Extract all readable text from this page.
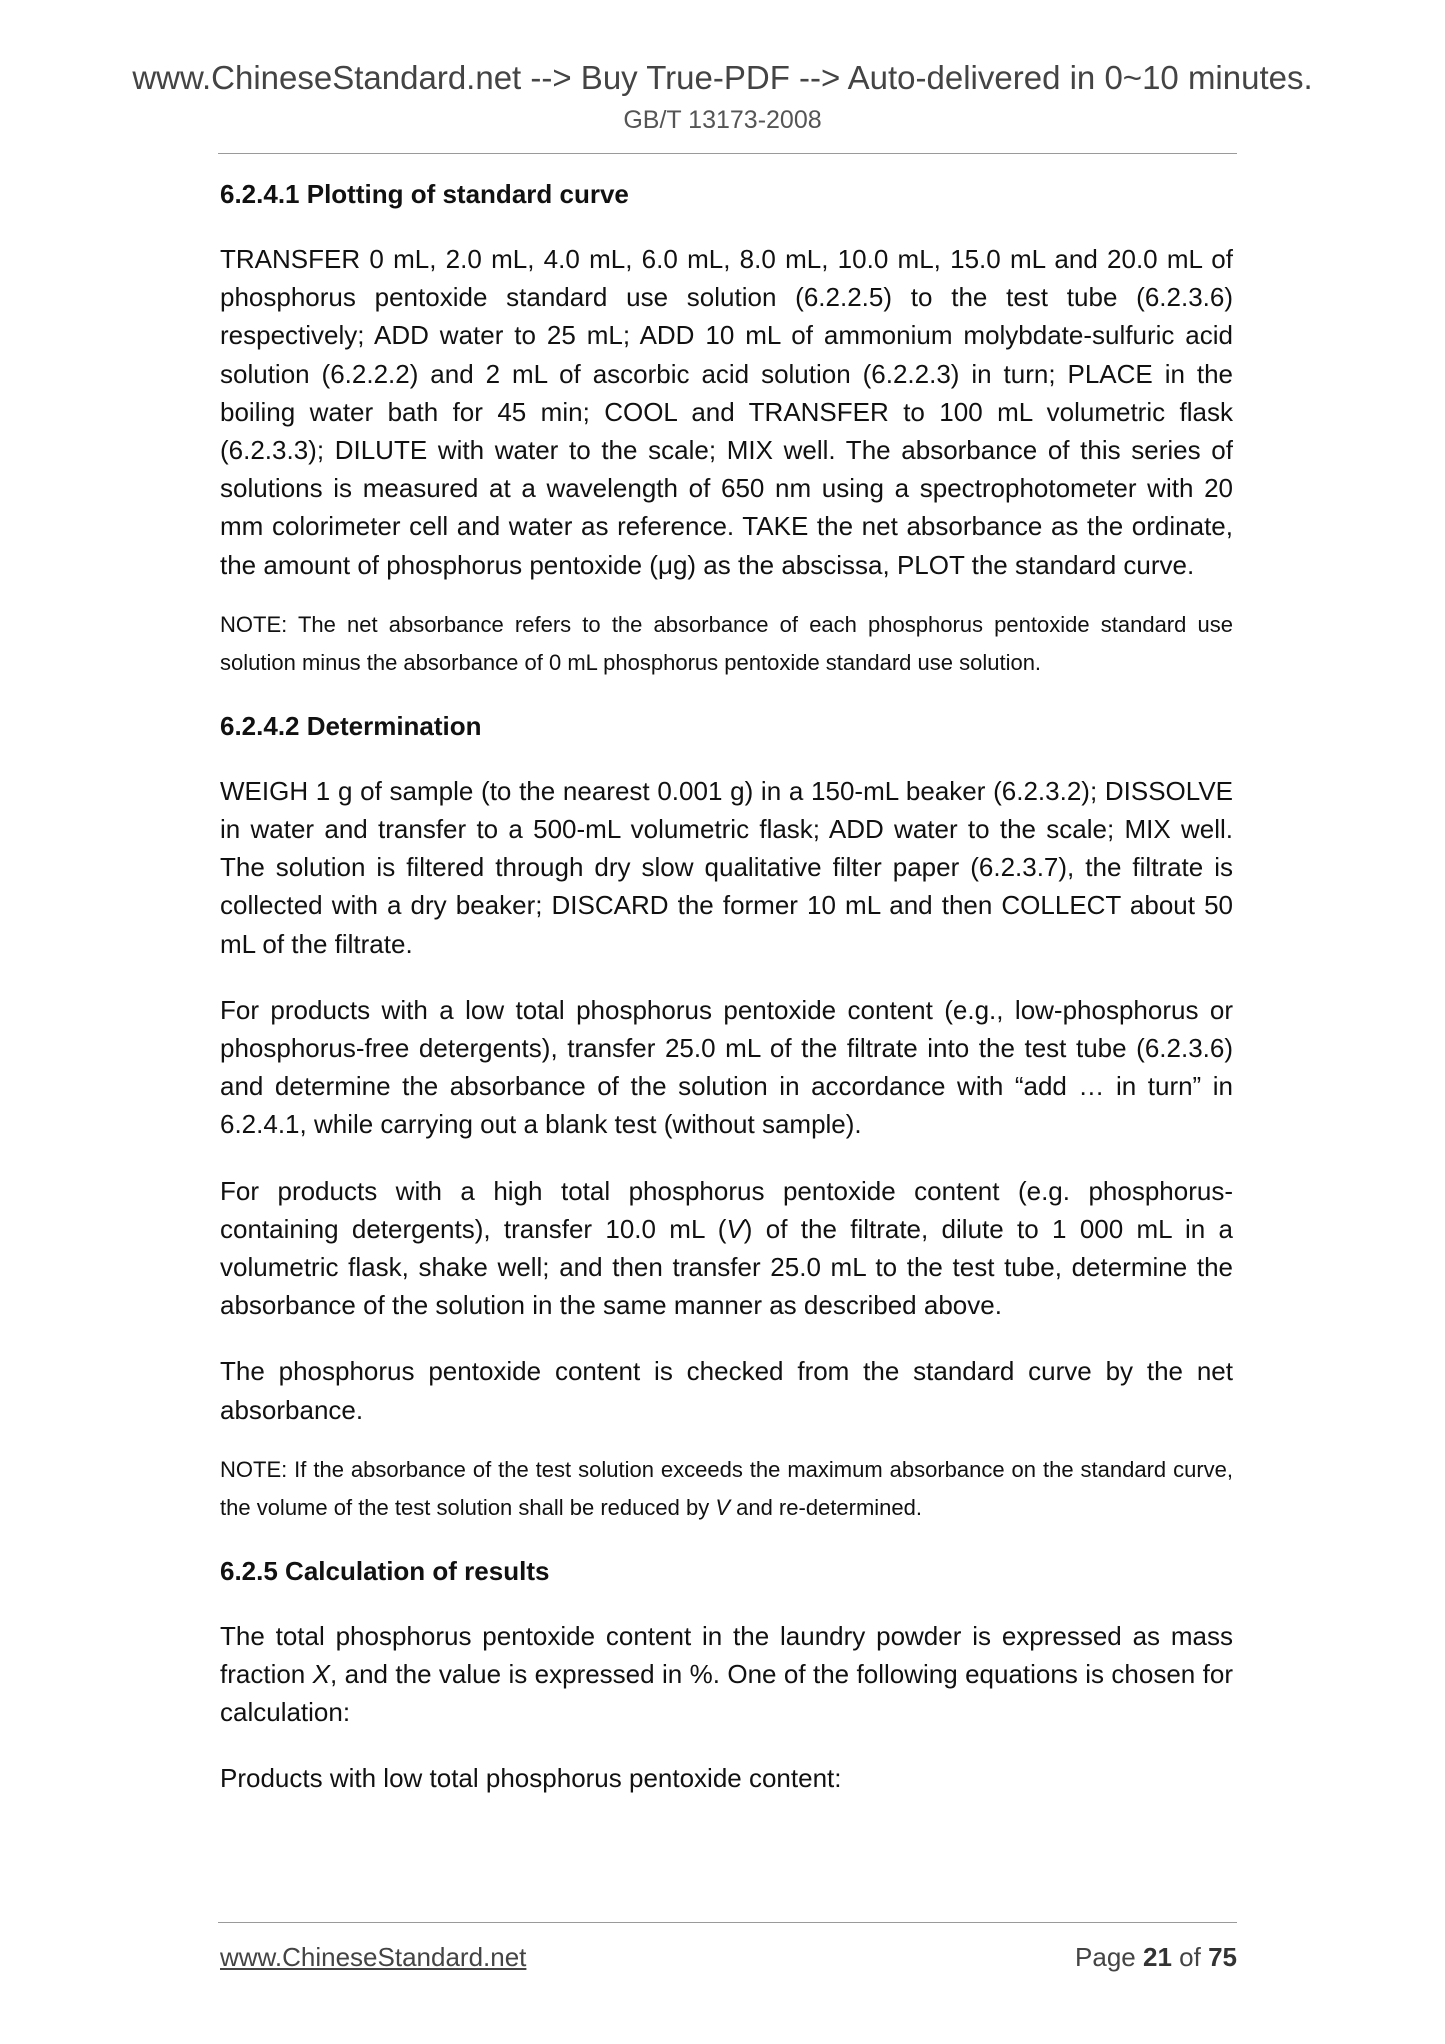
www.ChineseStandard.net --> Buy True-PDF --> Auto-delivered in 0~10 minutes.
GB/T 13173-2008
6.2.4.1 Plotting of standard curve

TRANSFER 0 mL, 2.0 mL, 4.0 mL, 6.0 mL, 8.0 mL, 10.0 mL, 15.0 mL and 20.0 mL of phosphorus pentoxide standard use solution (6.2.2.5) to the test tube (6.2.3.6) respectively; ADD water to 25 mL; ADD 10 mL of ammonium molybdate-sulfuric acid solution (6.2.2.2) and 2 mL of ascorbic acid solution (6.2.2.3) in turn; PLACE in the boiling water bath for 45 min; COOL and TRANSFER to 100 mL volumetric flask (6.2.3.3); DILUTE with water to the scale; MIX well. The absorbance of this series of solutions is measured at a wavelength of 650 nm using a spectrophotometer with 20 mm colorimeter cell and water as reference. TAKE the net absorbance as the ordinate, the amount of phosphorus pentoxide (μg) as the abscissa, PLOT the standard curve.

NOTE: The net absorbance refers to the absorbance of each phosphorus pentoxide standard use solution minus the absorbance of 0 mL phosphorus pentoxide standard use solution.

6.2.4.2 Determination

WEIGH 1 g of sample (to the nearest 0.001 g) in a 150-mL beaker (6.2.3.2); DISSOLVE in water and transfer to a 500-mL volumetric flask; ADD water to the scale; MIX well. The solution is filtered through dry slow qualitative filter paper (6.2.3.7), the filtrate is collected with a dry beaker; DISCARD the former 10 mL and then COLLECT about 50 mL of the filtrate.

For products with a low total phosphorus pentoxide content (e.g., low-phosphorus or phosphorus-free detergents), transfer 25.0 mL of the filtrate into the test tube (6.2.3.6) and determine the absorbance of the solution in accordance with “add … in turn” in 6.2.4.1, while carrying out a blank test (without sample).

For products with a high total phosphorus pentoxide content (e.g. phosphorus-containing detergents), transfer 10.0 mL (V) of the filtrate, dilute to 1 000 mL in a volumetric flask, shake well; and then transfer 25.0 mL to the test tube, determine the absorbance of the solution in the same manner as described above.

The phosphorus pentoxide content is checked from the standard curve by the net absorbance.

NOTE: If the absorbance of the test solution exceeds the maximum absorbance on the standard curve, the volume of the test solution shall be reduced by V and re-determined.

6.2.5 Calculation of results

The total phosphorus pentoxide content in the laundry powder is expressed as mass fraction X, and the value is expressed in %. One of the following equations is chosen for calculation:

Products with low total phosphorus pentoxide content:

www.ChineseStandard.net	Page 21 of 75
